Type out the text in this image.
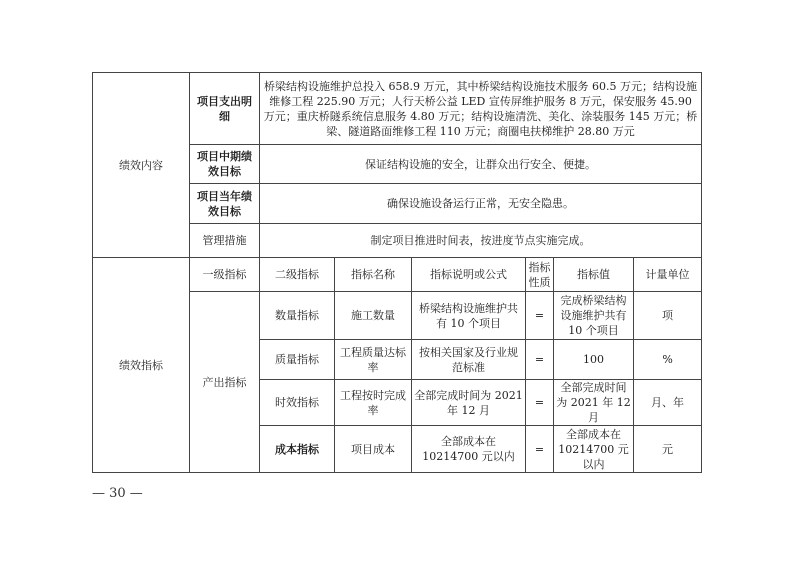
绩效内容	项目支出明细	桥梁结构设施维护总投入 658.9 万元，其中桥梁结构设施技术服务 60.5 万元；结构设施维修工程 225.90 万元；人行天桥公益 LED 宣传屏维护服务 8 万元，保安服务 45.90 万元；重庆桥隧系统信息服务 4.80 万元；结构设施清洗、美化、涂装服务 145 万元；桥梁、隧道路面维修工程 110 万元；商圈电扶梯维护 28.80 万元					
	项目中期绩效目标	保证结构设施的安全，让群众出行安全、便捷。					
	项目当年绩效目标	确保设施设备运行正常，无安全隐患。					
	管理措施	制定项目推进时间表，按进度节点实施完成。					
绩效指标	一级指标	二级指标	指标名称	指标说明或公式	指标性质	指标值	计量单位
	产出指标	数量指标	施工数量	桥梁结构设施维护共有 10 个项目	=	完成桥梁结构设施维护共有 10 个项目	项
		质量指标	工程质量达标率	按相关国家及行业规范标准	=	100	%
		时效指标	工程按时完成率	全部完成时间为 2021 年 12 月	=	全部完成时间为 2021 年 12 月	月、年
		成本指标	项目成本	全部成本在 10214700 元以内	=	全部成本在 10214700 元以内	元
— 30 —
